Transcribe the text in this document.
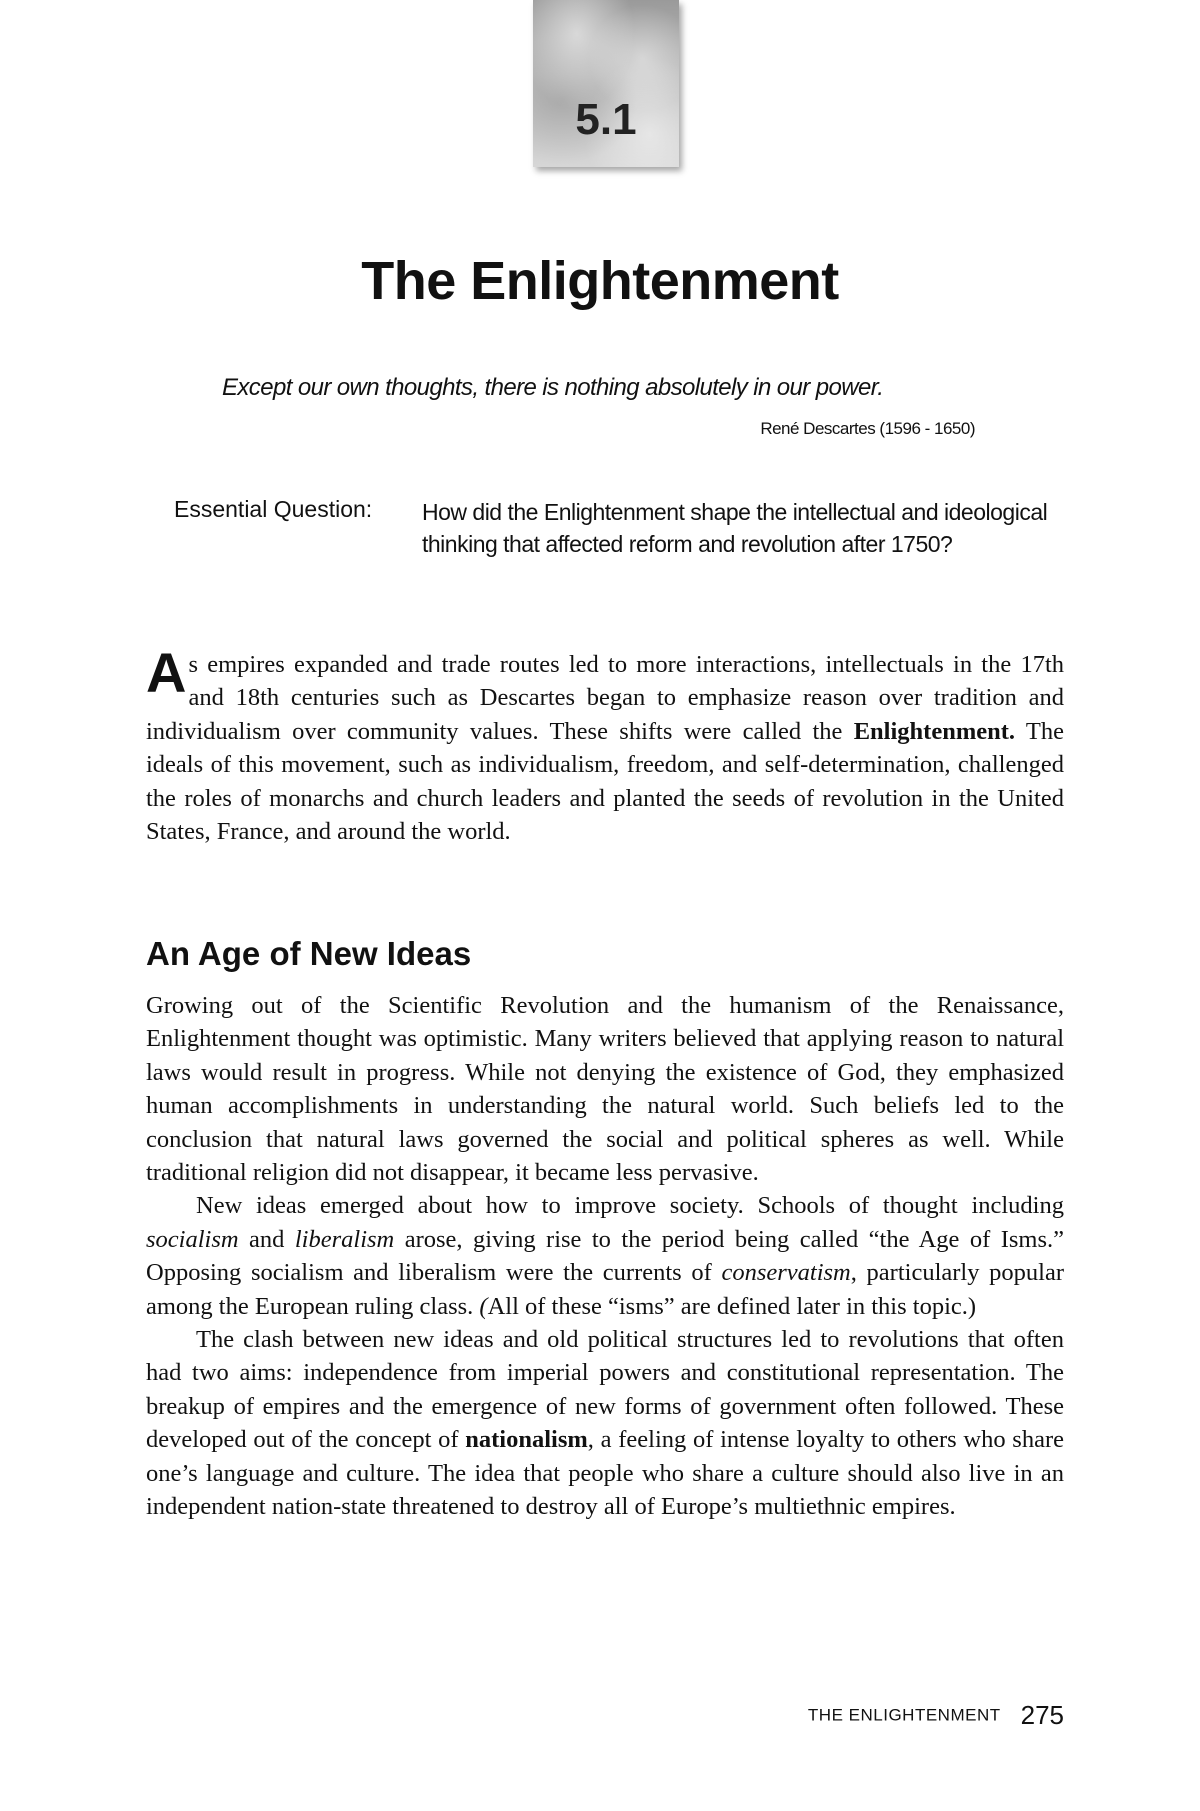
5.1
The Enlightenment

Except our own thoughts, there is nothing absolutely in our power.

René Descartes (1596 - 1650)

Essential Question: How did the Enlightenment shape the intellectual and ideological thinking that affected reform and revolution after 1750?

As empires expanded and trade routes led to more interactions, intellectuals in the 17th and 18th centuries such as Descartes began to emphasize reason over tradition and individualism over community values. These shifts were called the Enlightenment. The ideals of this movement, such as individualism, freedom, and self-determination, challenged the roles of monarchs and church leaders and planted the seeds of revolution in the United States, France, and around the world.

An Age of New Ideas

Growing out of the Scientific Revolution and the humanism of the Renaissance, Enlightenment thought was optimistic. Many writers believed that applying reason to natural laws would result in progress. While not denying the existence of God, they emphasized human accomplishments in understanding the natural world. Such beliefs led to the conclusion that natural laws governed the social and political spheres as well. While traditional religion did not disappear, it became less pervasive.

New ideas emerged about how to improve society. Schools of thought including socialism and liberalism arose, giving rise to the period being called “the Age of Isms.” Opposing socialism and liberalism were the currents of conservatism, particularly popular among the European ruling class. (All of these “isms” are defined later in this topic.)

The clash between new ideas and old political structures led to revolutions that often had two aims: independence from imperial powers and constitutional representation. The breakup of empires and the emergence of new forms of government often followed. These developed out of the concept of nationalism, a feeling of intense loyalty to others who share one’s language and culture. The idea that people who share a culture should also live in an independent nation-state threatened to destroy all of Europe’s multiethnic empires.

THE ENLIGHTENMENT 275
